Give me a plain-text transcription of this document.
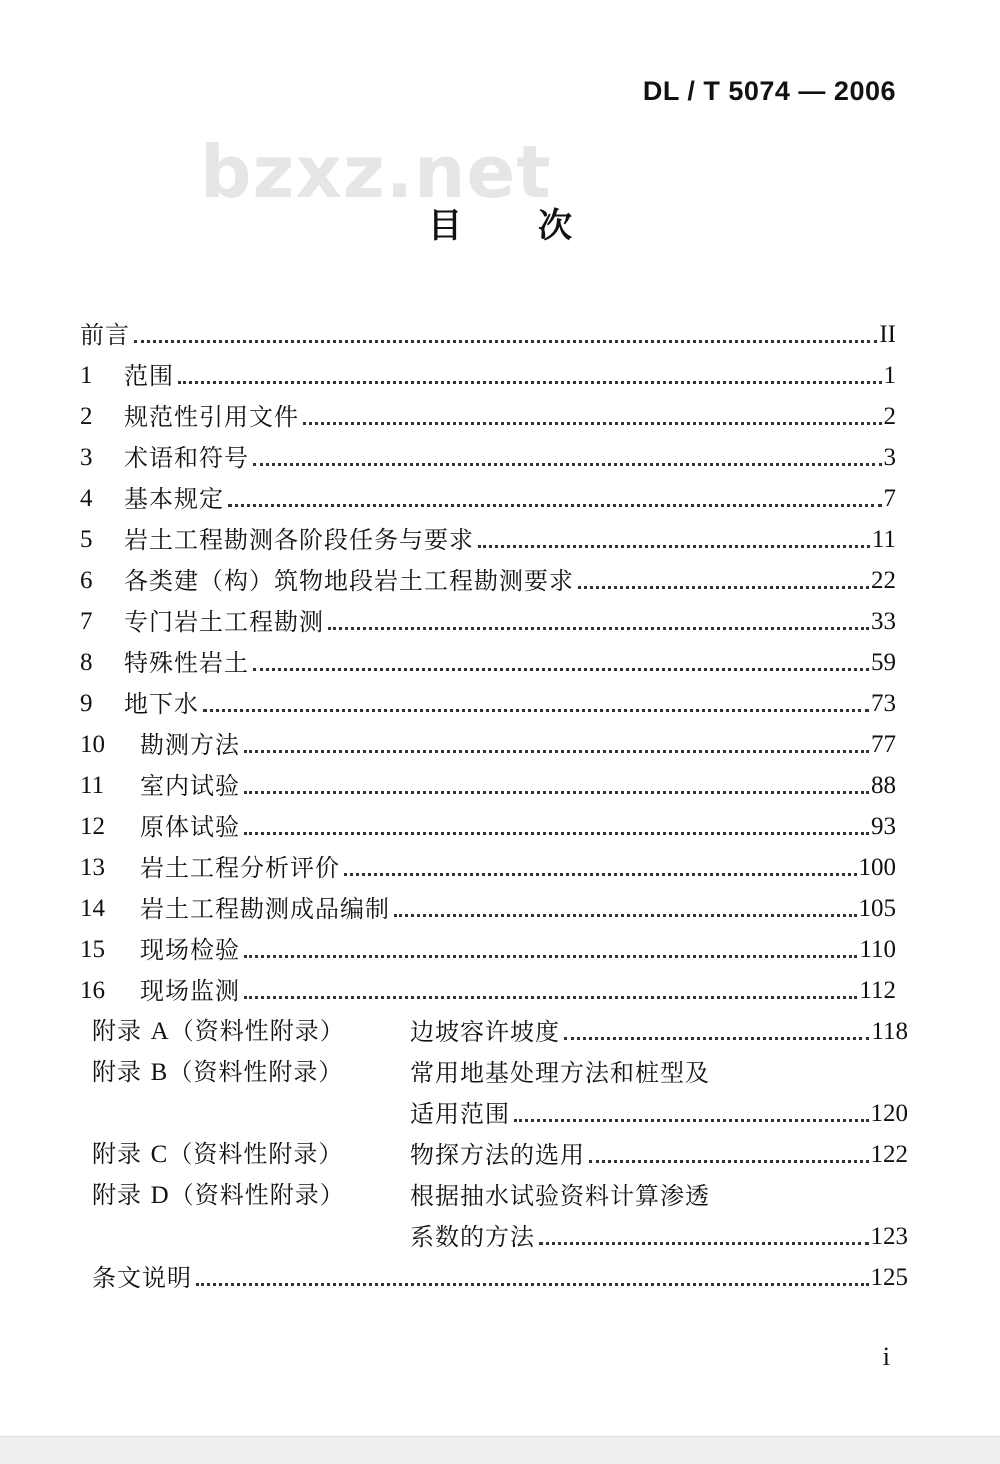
DL / T 5074 — 2006
bzxz.net
目 次
前言	II
1	范围	1
2	规范性引用文件	2
3	术语和符号	3
4	基本规定	7
5	岩土工程勘测各阶段任务与要求	11
6	各类建（构）筑物地段岩土工程勘测要求	22
7	专门岩土工程勘测	33
8	特殊性岩土	59
9	地下水	73
10	勘测方法	77
11	室内试验	88
12	原体试验	93
13	岩土工程分析评价	100
14	岩土工程勘测成品编制	105
15	现场检验	110
16	现场监测	112
附录 A（资料性附录）	边坡容许坡度	118
附录 B（资料性附录）	常用地基处理方法和桩型及
适用范围	120
附录 C（资料性附录）	物探方法的选用	122
附录 D（资料性附录）	根据抽水试验资料计算渗透
系数的方法	123
条文说明	125
i
